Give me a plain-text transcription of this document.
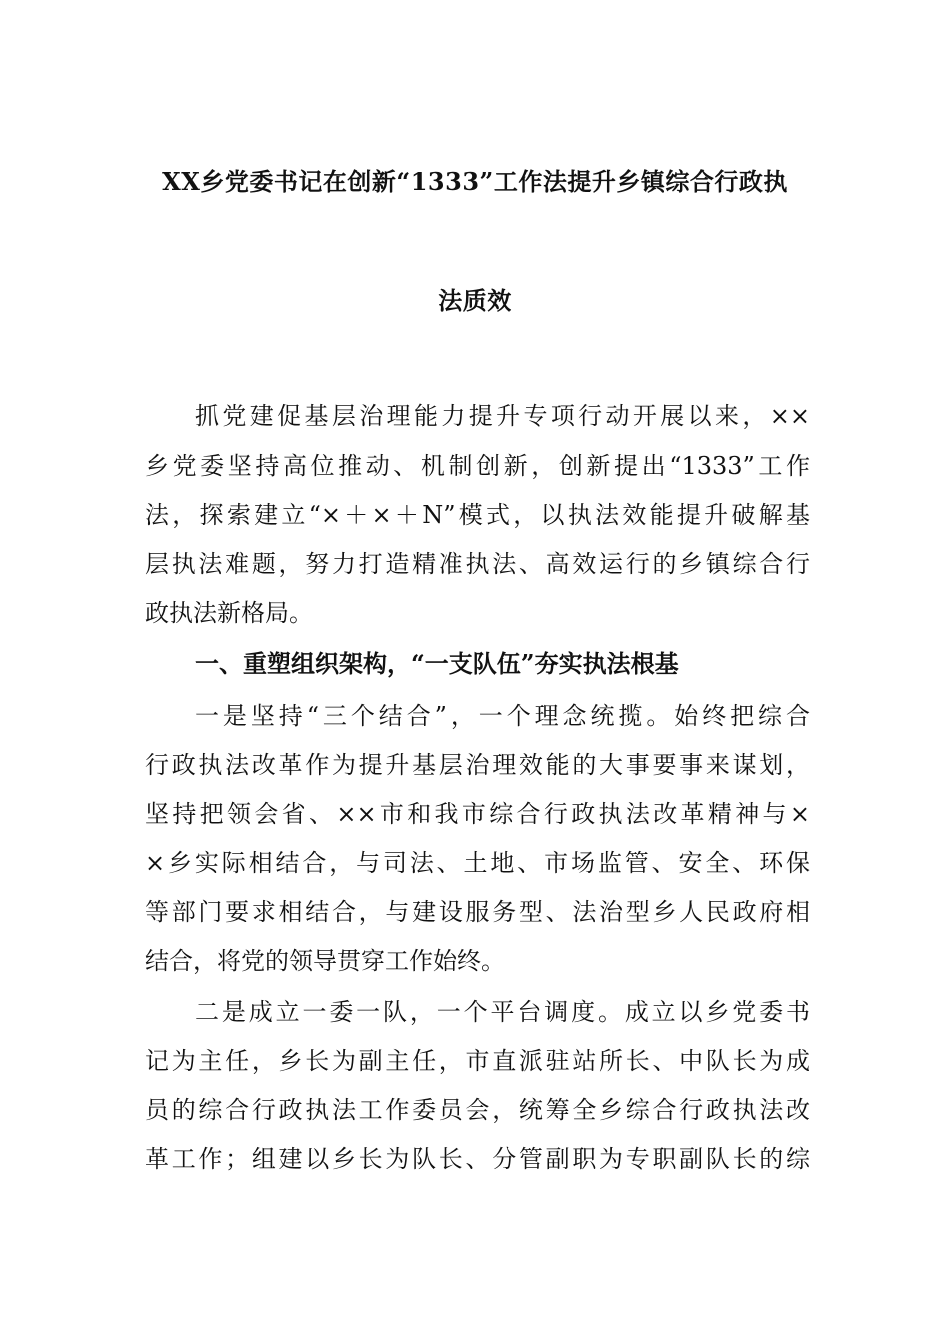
XX乡党委书记在创新“1333”工作法提升乡镇综合行政执
法质效
抓党建促基层治理能力提升专项行动开展以来，××
乡党委坚持高位推动、机制创新，创新提出“1333”工作
法，探索建立“×＋×＋N”模式，以执法效能提升破解基
层执法难题，努力打造精准执法、高效运行的乡镇综合行
政执法新格局。
一、重塑组织架构，“一支队伍”夯实执法根基
一是坚持“三个结合”，一个理念统揽。始终把综合
行政执法改革作为提升基层治理效能的大事要事来谋划，
坚持把领会省、××市和我市综合行政执法改革精神与×
×乡实际相结合，与司法、土地、市场监管、安全、环保
等部门要求相结合，与建设服务型、法治型乡人民政府相
结合，将党的领导贯穿工作始终。
二是成立一委一队，一个平台调度。成立以乡党委书
记为主任，乡长为副主任，市直派驻站所长、中队长为成
员的综合行政执法工作委员会，统筹全乡综合行政执法改
革工作；组建以乡长为队长、分管副职为专职副队长的综
